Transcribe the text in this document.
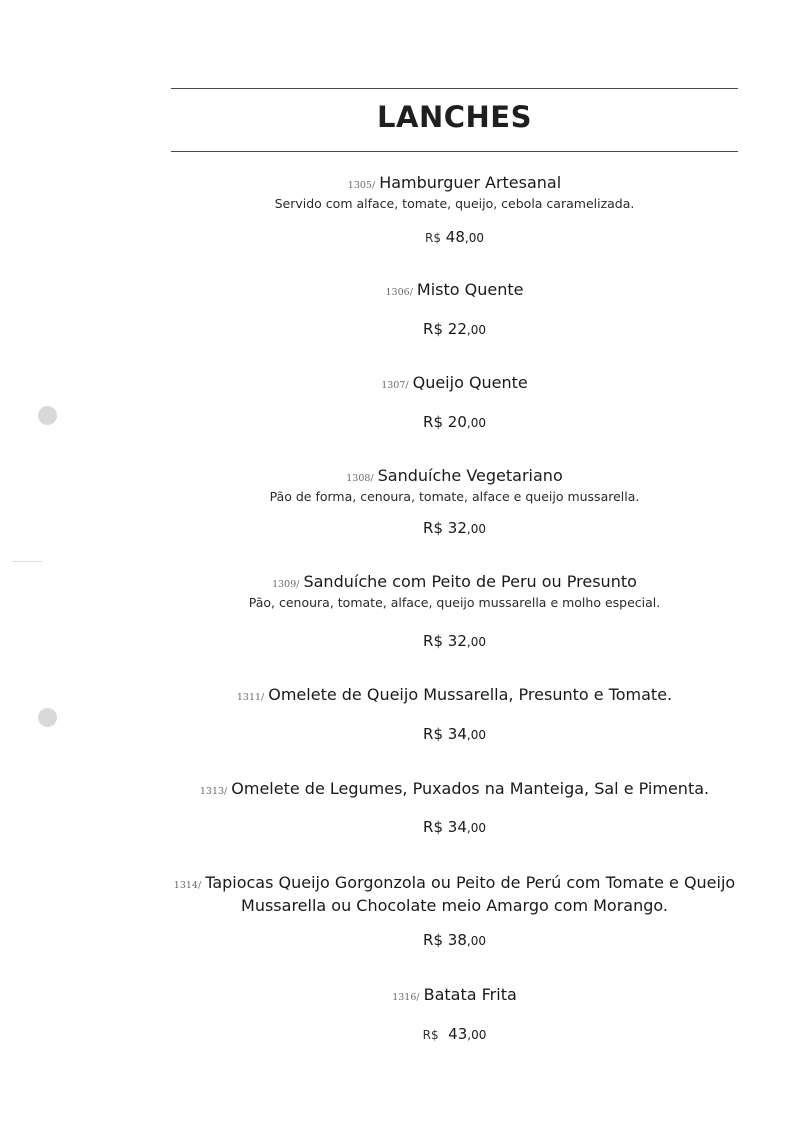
LANCHES
1305/ Hamburguer Artesanal
Servido com alface, tomate, queijo, cebola caramelizada.
R$ 48,00
1306/ Misto Quente
R$ 22,00
1307/ Queijo Quente
R$ 20,00
1308/ Sanduíche Vegetariano
Pão de forma, cenoura, tomate, alface e queijo mussarella.
R$ 32,00
1309/ Sanduíche com Peito de Peru ou Presunto
Pão, cenoura, tomate, alface, queijo mussarella e molho especial.
R$ 32,00
1311/ Omelete de Queijo Mussarella, Presunto e Tomate.
R$ 34,00
1313/ Omelete de Legumes, Puxados na Manteiga, Sal e Pimenta.
R$ 34,00
1314/ Tapiocas Queijo Gorgonzola ou Peito de Perú com Tomate e Queijo
Mussarella ou Chocolate meio Amargo com Morango.
R$ 38,00
1316/ Batata Frita
R$ 43,00
